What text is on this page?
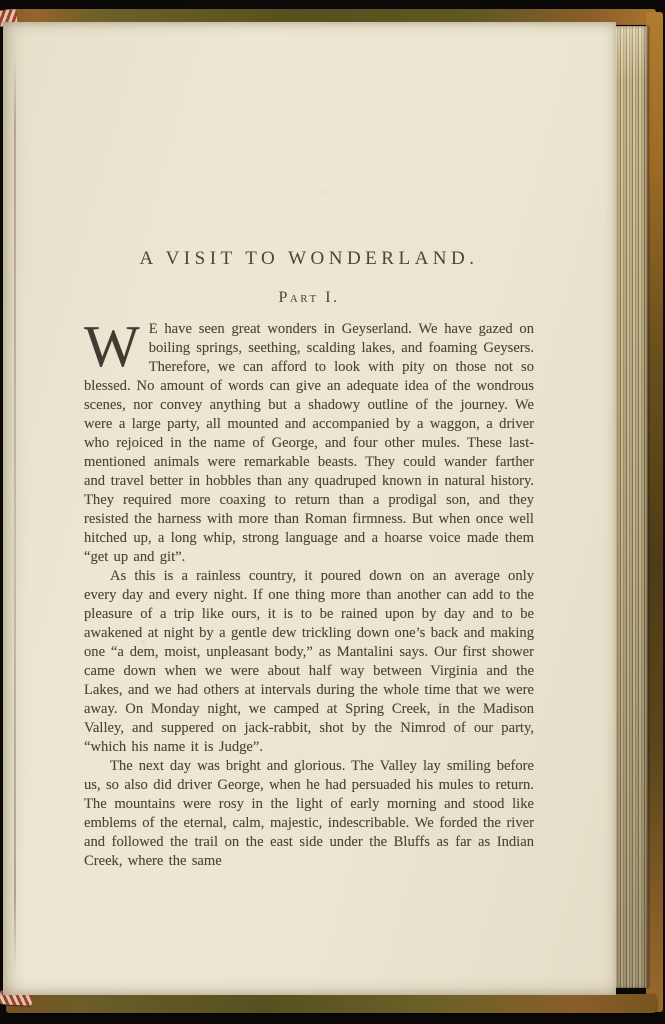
A VISIT TO WONDERLAND.
Part I.

W E have seen great wonders in Geyserland. We have gazed on boiling springs, seething, scalding lakes, and foaming Geysers. Therefore, we can afford to look with pity on those not so blessed. No amount of words can give an adequate idea of the wondrous scenes, nor convey anything but a shadowy outline of the journey. We were a large party, all mounted and accompanied by a waggon, a driver who rejoiced in the name of George, and four other mules. These last-mentioned animals were remarkable beasts. They could wander farther and travel better in hobbles than any quadruped known in natural history. They required more coaxing to return than a prodigal son, and they resisted the harness with more than Roman firmness. But when once well hitched up, a long whip, strong language and a hoarse voice made them “get up and git”.

As this is a rainless country, it poured down on an average only every day and every night. If one thing more than another can add to the pleasure of a trip like ours, it is to be rained upon by day and to be awakened at night by a gentle dew trickling down one’s back and making one “a dem, moist, unpleasant body,” as Mantalini says. Our first shower came down when we were about half way between Virginia and the Lakes, and we had others at intervals during the whole time that we were away. On Monday night, we camped at Spring Creek, in the Madison Valley, and suppered on jack-rabbit, shot by the Nimrod of our party, “which his name it is Judge”.

The next day was bright and glorious. The Valley lay smiling before us, so also did driver George, when he had persuaded his mules to return. The mountains were rosy in the light of early morning and stood like emblems of the eternal, calm, majestic, indescribable. We forded the river and followed the trail on the east side under the Bluffs as far as Indian Creek, where the same
